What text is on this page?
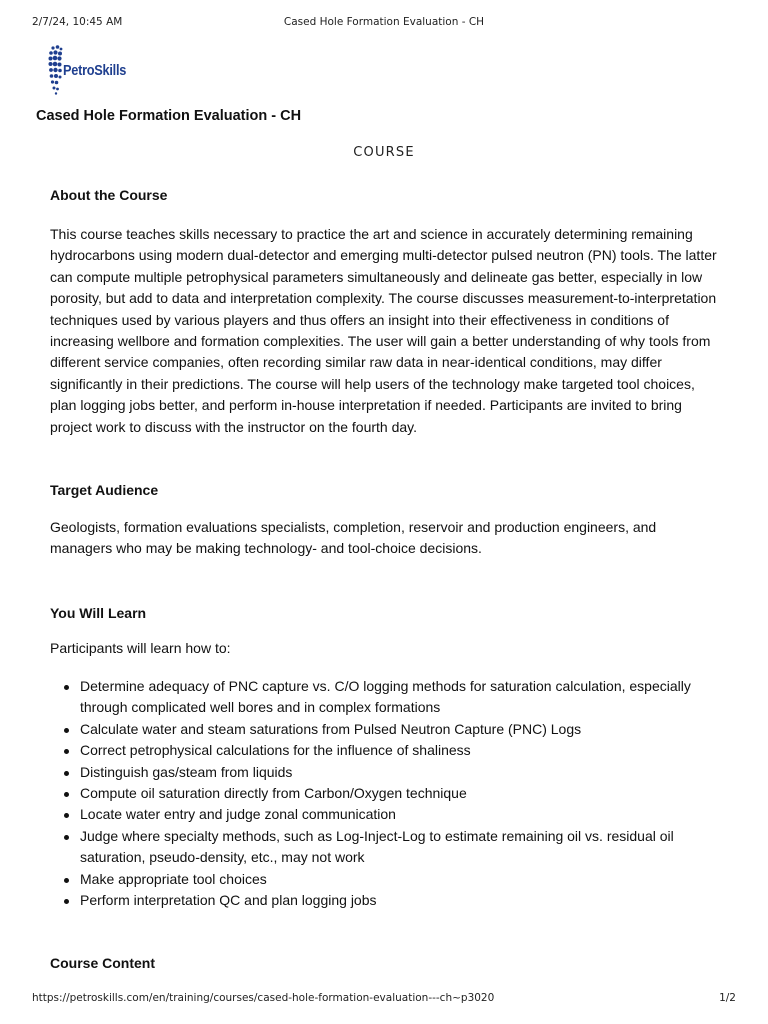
2/7/24, 10:45 AM	Cased Hole Formation Evaluation - CH
PetroSkills
Cased Hole Formation Evaluation - CH
COURSE
About the Course

This course teaches skills necessary to practice the art and science in accurately determining remaining hydrocarbons using modern dual-detector and emerging multi-detector pulsed neutron (PN) tools. The latter can compute multiple petrophysical parameters simultaneously and delineate gas better, especially in low porosity, but add to data and interpretation complexity. The course discusses measurement-to-interpretation techniques used by various players and thus offers an insight into their effectiveness in conditions of increasing wellbore and formation complexities. The user will gain a better understanding of why tools from different service companies, often recording similar raw data in near-identical conditions, may differ significantly in their predictions. The course will help users of the technology make targeted tool choices, plan logging jobs better, and perform in-house interpretation if needed. Participants are invited to bring project work to discuss with the instructor on the fourth day.

Target Audience

Geologists, formation evaluations specialists, completion, reservoir and production engineers, and managers who may be making technology- and tool-choice decisions.

You Will Learn

Participants will learn how to:

Determine adequacy of PNC capture vs. C/O logging methods for saturation calculation, especially through complicated well bores and in complex formations
Calculate water and steam saturations from Pulsed Neutron Capture (PNC) Logs
Correct petrophysical calculations for the influence of shaliness
Distinguish gas/steam from liquids
Compute oil saturation directly from Carbon/Oxygen technique
Locate water entry and judge zonal communication
Judge where specialty methods, such as Log-Inject-Log to estimate remaining oil vs. residual oil saturation, pseudo-density, etc., may not work
Make appropriate tool choices
Perform interpretation QC and plan logging jobs
Course Content
https://petroskills.com/en/training/courses/cased-hole-formation-evaluation---ch~p3020	1/2
